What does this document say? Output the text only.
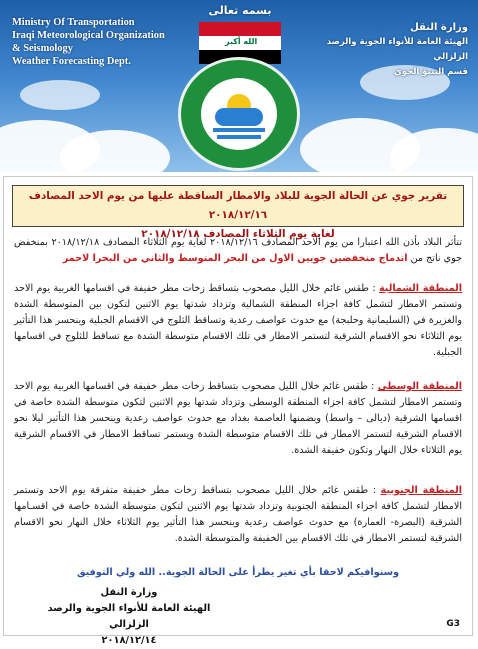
Ministry Of Transportation
Iraqi Meteorological Organization
& Seismology
Weather Forecasting Dept.
بسمه تعالى
الله أكبر
وزارة النقل
الهيئة العامة للأنواء الجوية والرصد الزلزالي
قسم التنبؤ الجوي
تقرير جوي عن الحالة الجوية للبلاد والامطار الساقطة عليها من يوم الاحد المصادف ٢٠١٨/١٢/١٦
لغاية يوم الثلاثاء المصادف ٢٠١٨/١٢/١٨
تتأثر البلاد بأذن الله اعتبارا من يوم الاحد المصادف ٢٠١٨/١٢/١٦ لغاية يوم الثلاثاء المصادف ٢٠١٨/١٢/١٨ بمنخفض جوي ناتج من اندماج منخفضين جويين الاول من البحر المتوسط والثاني من البحرا لاحمر
المنطقة الشمالية : طقس غائم خلال الليل مصحوب بتساقط زخات مطر خفيفة في اقسامها الغربية يوم الاحد وتستمر الامطار لتشمل كافة اجزاء المنطقة الشمالية وتزداد شدتها يوم الاثنين لتكون بين المتوسطة الشدة والغزيرة في (السليمانية وحلبجة) مع حدوث عواصف رعدية وتساقط الثلوج في الاقسام الجبلية وينحسر هذا التأثير يوم الثلاثاء نحو الاقسام الشرقية لتستمر الامطار في تلك الاقسام متوسطة الشدة مع تساقط للثلوج في اقسامها الجبلية.
المنطقة الوسطى : طقس غائم خلال الليل مصحوب بتساقط زخات مطر خفيفة في اقسامها الغربية يوم الاحد وتستمر الامطار لتشمل كافة اجزاء المنطقة الوسطى وتزداد شدتها يوم الاثنين لتكون متوسطة الشدة خاصة في اقسامها الشرقية (ديالى – واسط) وبضمنها العاصمة بغداد مع حدوث عواصف رعدية وينحسر هذا التأثير ليلا نحو الاقسام الشرقية لتستمر الامطار في تلك الاقسام متوسطة الشدة ويستمر تساقط الامطار في الاقسام الشرقية يوم الثلاثاء خلال النهار وتكون خفيفة الشدة.
المنطقة الجنوبية : طقس غائم خلال الليل مصحوب بتساقط زخات مطر خفيفة متفرقة يوم الاحد وتستمر الامطار لتشمل كافة اجزاء المنطقة الجنوبية وتزداد شدتها يوم الاثنين لتكون متوسطة الشدة خاصة في اقسـامها الشرقية (البصرة- العمارة) مع حدوث عواصف رعدية وينحسر هذا التأثير يوم الثلاثاء خلال النهار نحو الاقسام الشرقية لتستمر الامطار في تلك الاقسام بين الخفيفة والمتوسطة الشدة.
وسنوافيكم لاحقا بأي تغير يطرأ على الحالة الجوية.. الله ولي التوفيق
وزارة النقل
الهيئة العامة للأنواء الجوية والرصد الزلزالي
٢٠١٨/١٢/١٤
G3
